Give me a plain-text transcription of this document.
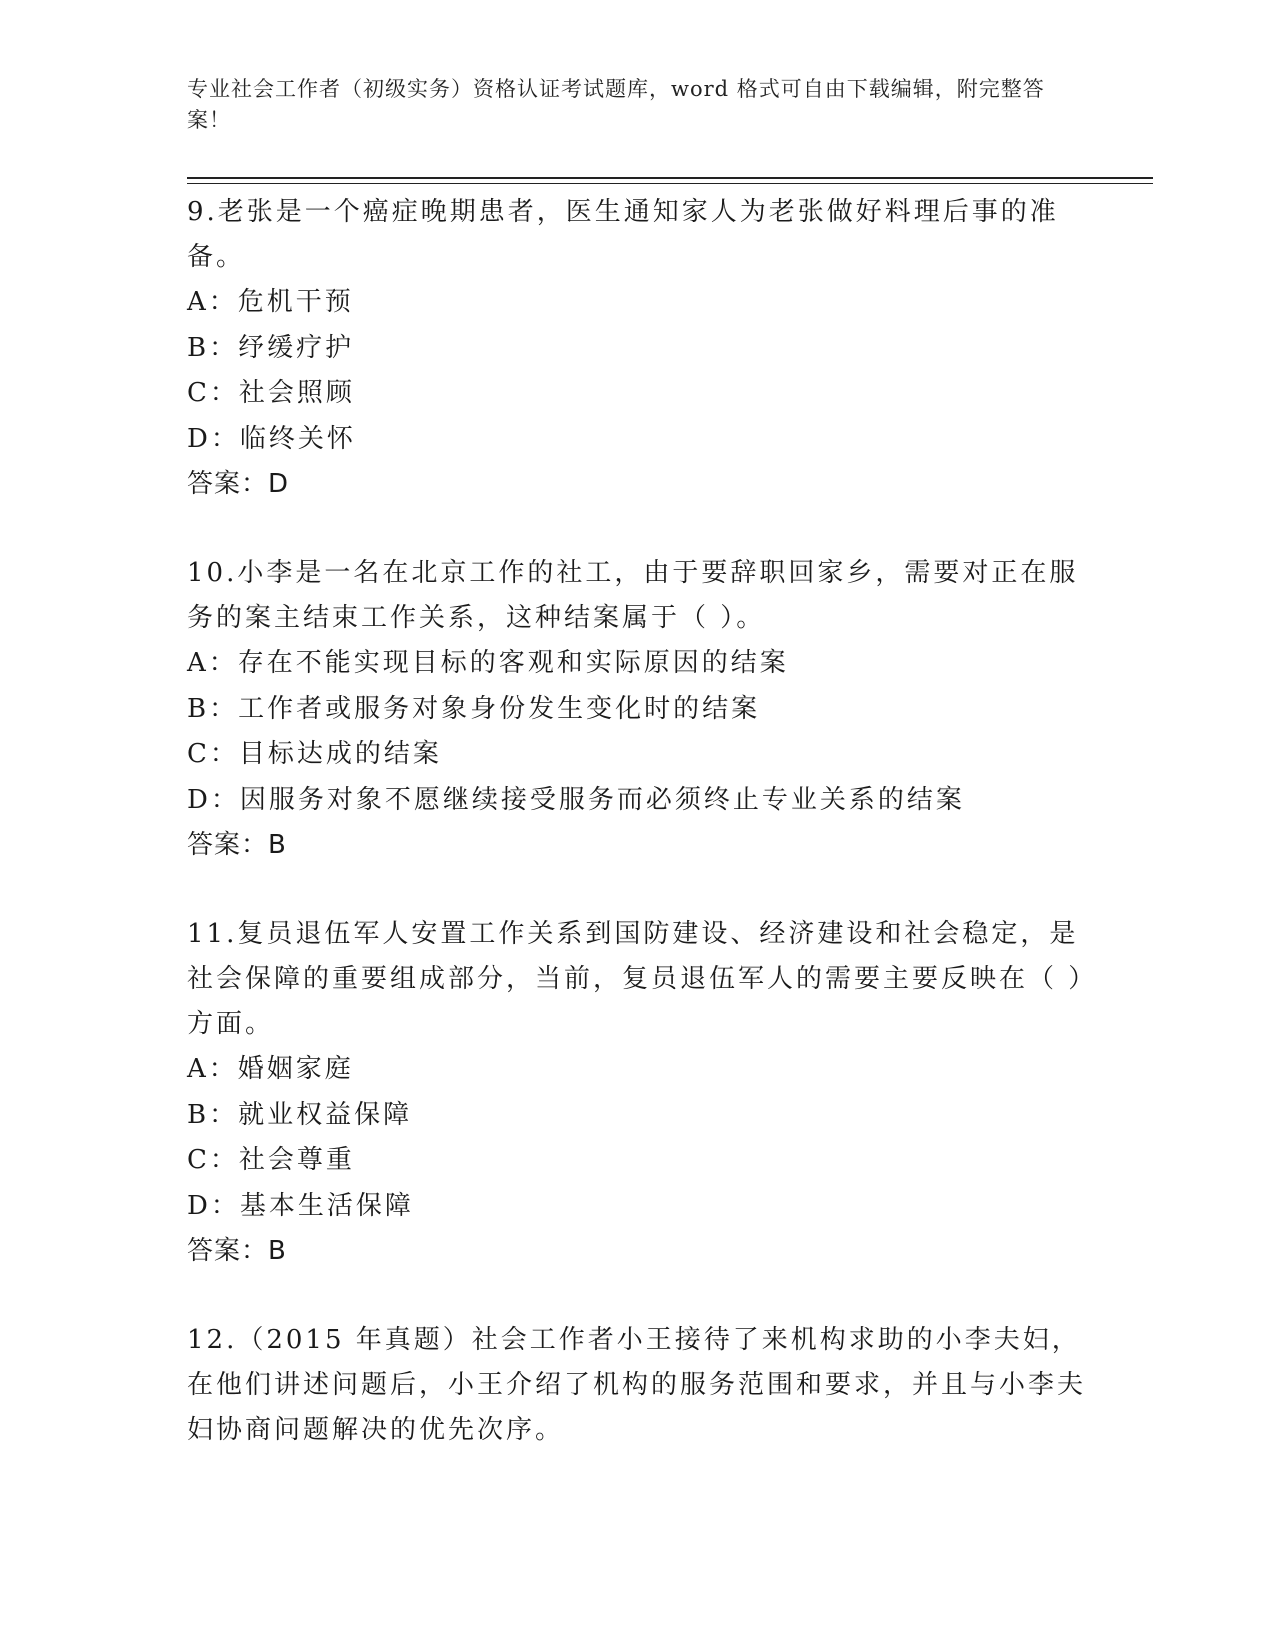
专业社会工作者（初级实务）资格认证考试题库，word 格式可自由下载编辑，附完整答案！

9.老张是一个癌症晚期患者，医生通知家人为老张做好料理后事的准备。

A：危机干预

B：纾缓疗护

C：社会照顾

D：临终关怀

答案：D

10.小李是一名在北京工作的社工，由于要辞职回家乡，需要对正在服务的案主结束工作关系，这种结案属于（ ）。

A：存在不能实现目标的客观和实际原因的结案

B：工作者或服务对象身份发生变化时的结案

C：目标达成的结案

D：因服务对象不愿继续接受服务而必须终止专业关系的结案

答案：B

11.复员退伍军人安置工作关系到国防建设、经济建设和社会稳定，是社会保障的重要组成部分，当前，复员退伍军人的需要主要反映在（ ）方面。

A：婚姻家庭

B：就业权益保障

C：社会尊重

D：基本生活保障

答案：B

12.（2015 年真题）社会工作者小王接待了来机构求助的小李夫妇，在他们讲述问题后，小王介绍了机构的服务范围和要求，并且与小李夫妇协商问题解决的优先次序。
